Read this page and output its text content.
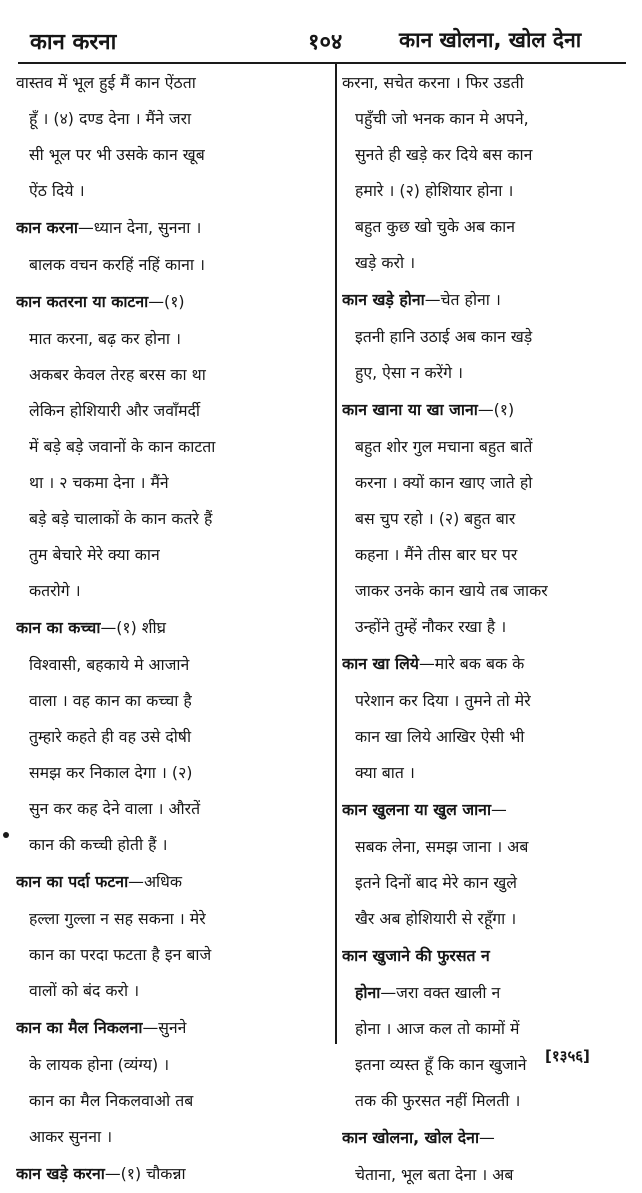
कान करना	१०४	कान खोलना, खोल देना

वास्तव में भूल हुई मैं कान ऐंठता

हूँ । (४) दण्ड देना । मैंने जरा

सी भूल पर भी उसके कान खूब

ऐंठ दिये ।

कान करना—ध्यान देना, सुनना ।

बालक वचन करहिं नहिं काना ।

कान कतरना या काटना—(१)

मात करना, बढ़ कर होना ।

अकबर केवल तेरह बरस का था

लेकिन होशियारी और जवाँमर्दी

में बड़े बड़े जवानों के कान काटता

था । २ चकमा देना । मैंने

बड़े बड़े चालाकों के कान कतरे हैं

तुम बेचारे मेरे क्या कान

कतरोगे ।

कान का कच्चा—(१) शीघ्र

विश्वासी, बहकाये मे आजाने

वाला । वह कान का कच्चा है

तुम्हारे कहते ही वह उसे दोषी

समझ कर निकाल देगा । (२)

सुन कर कह देने वाला । औरतें

कान की कच्ची होती हैं ।

कान का पर्दा फटना—अधिक

हल्ला गुल्ला न सह सकना । मेरे

कान का परदा फटता है इन बाजे

वालों को बंद करो ।

कान का मैल निकलना—सुनने

के लायक होना (व्यंग्य) ।

कान का मैल निकलवाओ तब

आकर सुनना ।

कान खड़े करना—(१) चौकन्ना

करना, सचेत करना । फिर उडती

पहुँची जो भनक कान मे अपने,

सुनते ही खड़े कर दिये बस कान

हमारे । (२) होशियार होना ।

बहुत कुछ खो चुके अब कान

खड़े करो ।

कान खड़े होना—चेत होना ।

इतनी हानि उठाई अब कान खड़े

हुए, ऐसा न करेंगे ।

कान खाना या खा जाना—(१)

बहुत शोर गुल मचाना बहुत बातें

करना । क्यों कान खाए जाते हो

बस चुप रहो । (२) बहुत बार

कहना । मैंने तीस बार घर पर

जाकर उनके कान खाये तब जाकर

उन्होंने तुम्हें नौकर रखा है ।

कान खा लिये—मारे बक बक के

परेशान कर दिया । तुमने तो मेरे

कान खा लिये आखिर ऐसी भी

क्या बात ।

कान खुलना या खुल जाना—

सबक लेना, समझ जाना । अब

इतने दिनों बाद मेरे कान खुले

खैर अब होशियारी से रहूँगा ।

कान खुजाने की फुरसत न

होना—जरा वक्त खाली न

होना । आज कल तो कामों में

इतना व्यस्त हूँ कि कान खुजाने

तक की फुरसत नहीं मिलती ।

कान खोलना, खोल देना—

चेताना, भूल बता देना । अब

[१३५६]
